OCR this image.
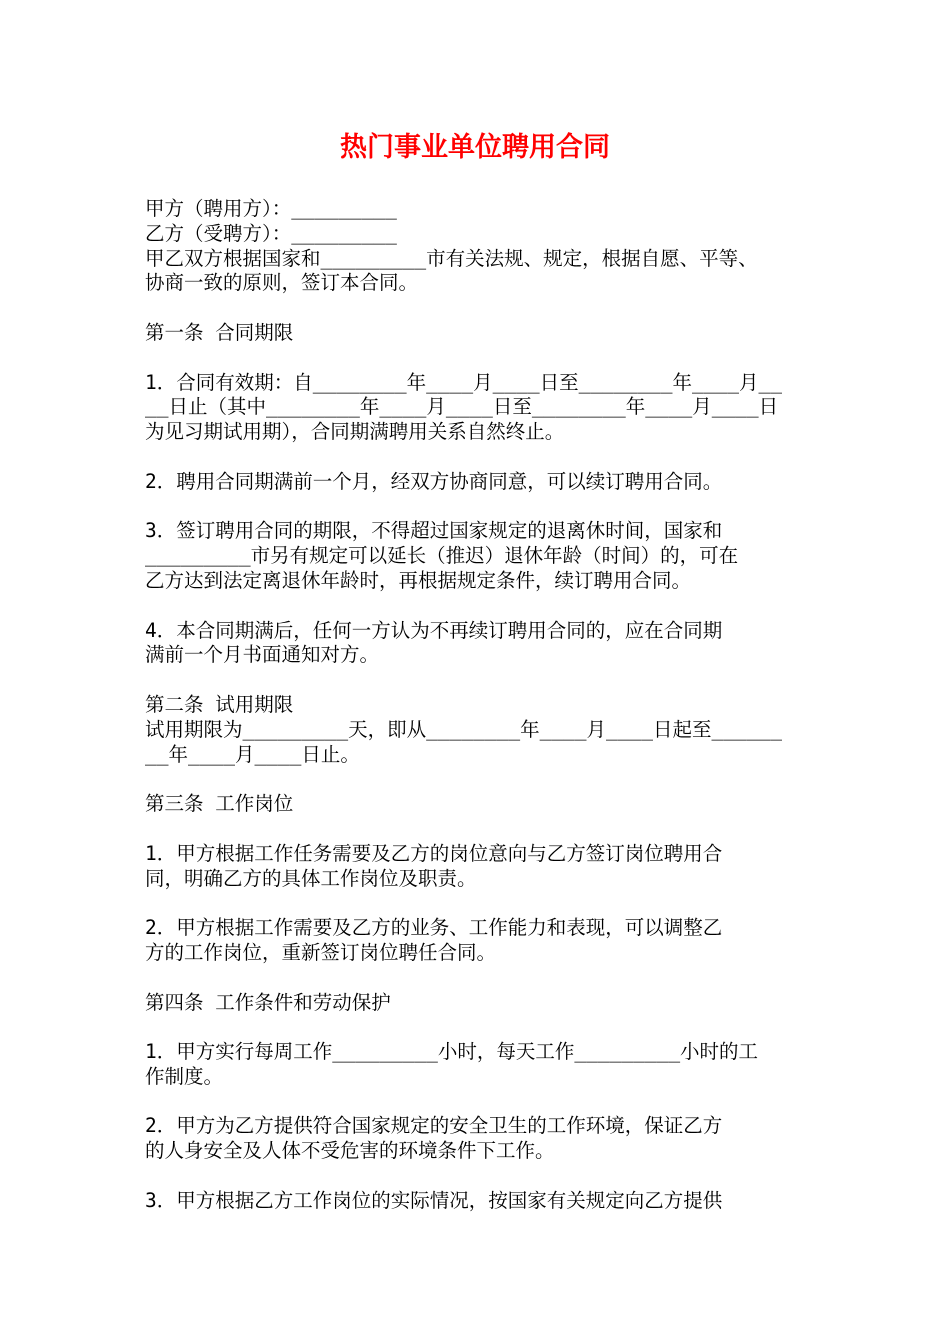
热门事业单位聘用合同
甲方（聘用方）：_________
乙方（受聘方）：_________
甲乙双方根据国家和_________市有关法规、规定，根据自愿、平等、
协商一致的原则，签订本合同。
第一条 合同期限
1．合同有效期：自________年____月____日至________年____月__
__日止（其中________年____月____日至________年____月____日
为见习期试用期），合同期满聘用关系自然终止。
2．聘用合同期满前一个月，经双方协商同意，可以续订聘用合同。
3．签订聘用合同的期限，不得超过国家规定的退离休时间，国家和
_________市另有规定可以延长（推迟）退休年龄（时间）的，可在
乙方达到法定离退休年龄时，再根据规定条件，续订聘用合同。
4．本合同期满后，任何一方认为不再续订聘用合同的，应在合同期
满前一个月书面通知对方。
第二条 试用期限
试用期限为_________天，即从________年____月____日起至______
__年____月____日止。
第三条 工作岗位
1．甲方根据工作任务需要及乙方的岗位意向与乙方签订岗位聘用合
同，明确乙方的具体工作岗位及职责。
2．甲方根据工作需要及乙方的业务、工作能力和表现，可以调整乙
方的工作岗位，重新签订岗位聘任合同。
第四条 工作条件和劳动保护
1．甲方实行每周工作_________小时，每天工作_________小时的工
作制度。
2．甲方为乙方提供符合国家规定的安全卫生的工作环境，保证乙方
的人身安全及人体不受危害的环境条件下工作。
3．甲方根据乙方工作岗位的实际情况，按国家有关规定向乙方提供
